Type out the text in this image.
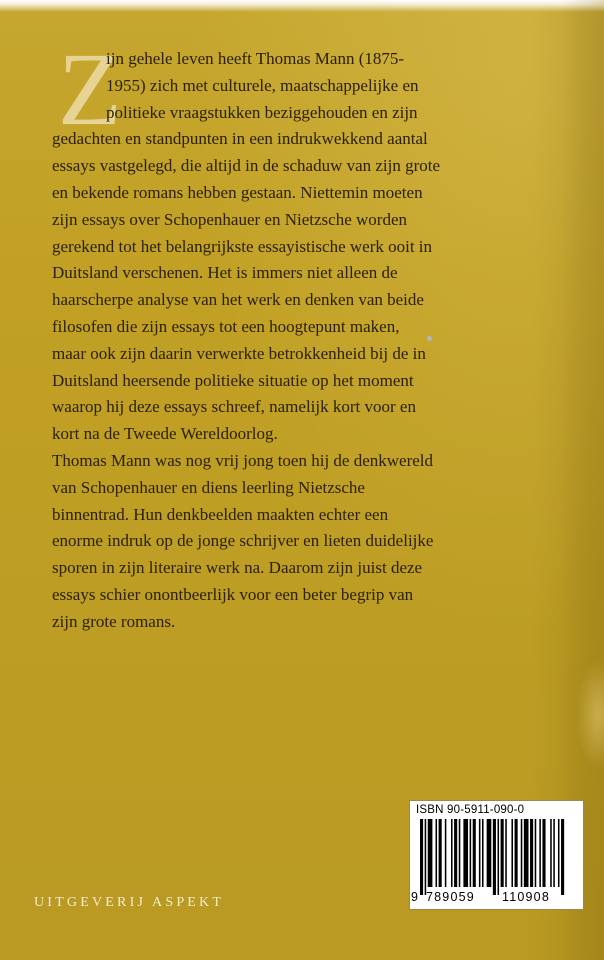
Z
ijn gehele leven heeft Thomas Mann (1875-
1955) zich met culturele, maatschappelijke en
politieke vraagstukken beziggehouden en zijn
gedachten en standpunten in een indrukwekkend aantal
essays vastgelegd, die altijd in de schaduw van zijn grote
en bekende romans hebben gestaan. Niettemin moeten
zijn essays over Schopenhauer en Nietzsche worden
gerekend tot het belangrijkste essayistische werk ooit in
Duitsland verschenen. Het is immers niet alleen de
haarscherpe analyse van het werk en denken van beide
filosofen die zijn essays tot een hoogtepunt maken,
maar ook zijn daarin verwerkte betrokkenheid bij de in
Duitsland heersende politieke situatie op het moment
waarop hij deze essays schreef, namelijk kort voor en
kort na de Tweede Wereldoorlog.
Thomas Mann was nog vrij jong toen hij de denkwereld
van Schopenhauer en diens leerling Nietzsche
binnentrad. Hun denkbeelden maakten echter een
enorme indruk op de jonge schrijver en lieten duidelijke
sporen in zijn literaire werk na. Daarom zijn juist deze
essays schier onontbeerlijk voor een beter begrip van
zijn grote romans.
ISBN 90-5911-090-0
9 789059 110908
UITGEVERIJ ASPEKT
